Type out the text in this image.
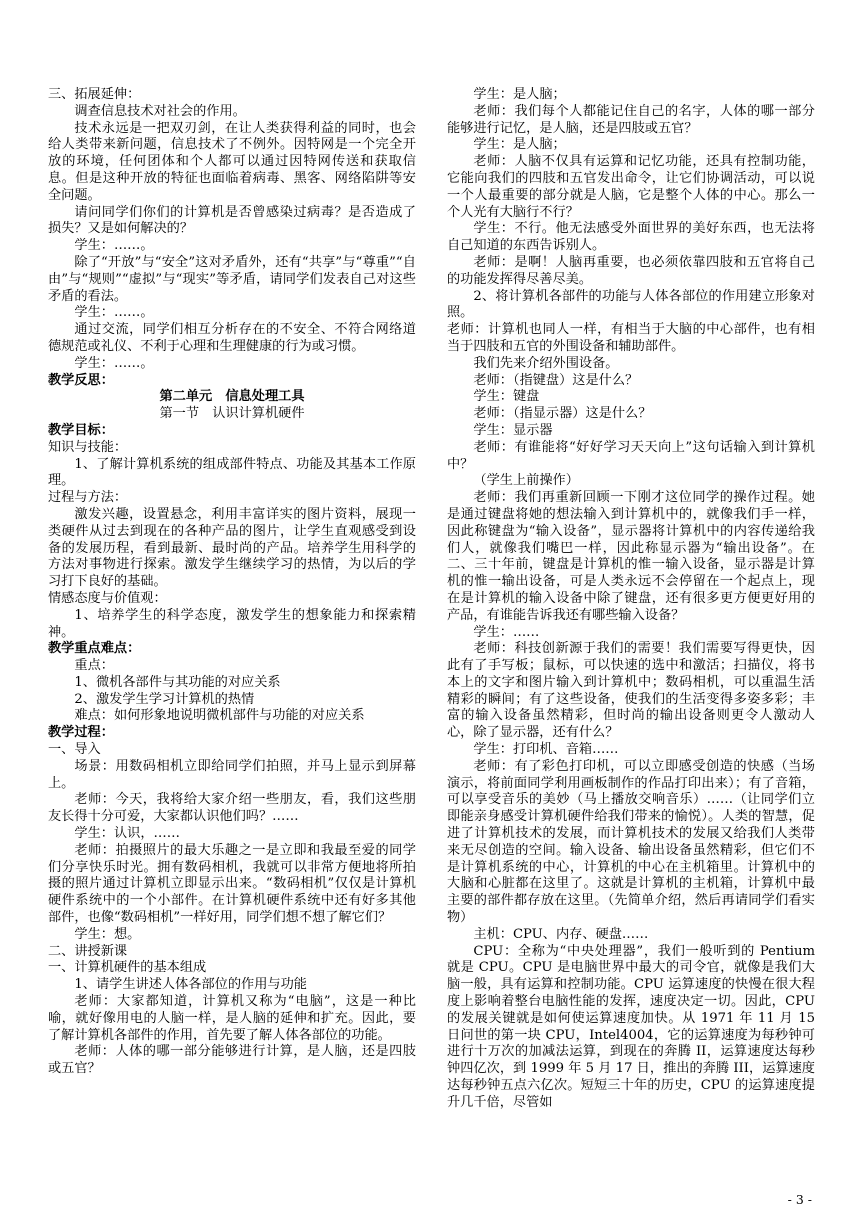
三、拓展延伸：

调查信息技术对社会的作用。

技术永远是一把双刃剑，在让人类获得利益的同时，也会给人类带来新问题，信息技术了不例外。因特网是一个完全开放的环境，任何团体和个人都可以通过因特网传送和获取信息。但是这种开放的特征也面临着病毒、黑客、网络陷阱等安全问题。

请问同学们你们的计算机是否曾感染过病毒？是否造成了损失？又是如何解决的？

学生：……。

除了“开放”与“安全”这对矛盾外，还有“共享”与“尊重”“自由”与“规则”“虚拟”与“现实”等矛盾，请同学们发表自己对这些矛盾的看法。

学生：……。

通过交流，同学们相互分析存在的不安全、不符合网络道德规范或礼仪、不利于心理和生理健康的行为或习惯。

学生：……。

教学反思：

第二单元　信息处理工具

第一节　认识计算机硬件

教学目标：

知识与技能：

1、了解计算机系统的组成部件特点、功能及其基本工作原理。

过程与方法：

激发兴趣，设置悬念，利用丰富详实的图片资料，展现一类硬件从过去到现在的各种产品的图片，让学生直观感受到设备的发展历程，看到最新、最时尚的产品。培养学生用科学的方法对事物进行探索。激发学生继续学习的热情，为以后的学习打下良好的基础。

情感态度与价值观：

1、培养学生的科学态度，激发学生的想象能力和探索精神。

教学重点难点：

重点：

1、微机各部件与其功能的对应关系

2、激发学生学习计算机的热情

难点：如何形象地说明微机部件与功能的对应关系

教学过程：

一、导入

场景：用数码相机立即给同学们拍照，并马上显示到屏幕上。

老师：今天，我将给大家介绍一些朋友，看，我们这些朋友长得十分可爱，大家都认识他们吗？……

学生：认识，……

老师：拍摄照片的最大乐趣之一是立即和我最至爱的同学们分享快乐时光。拥有数码相机，我就可以非常方便地将所拍摄的照片通过计算机立即显示出来。“数码相机”仅仅是计算机硬件系统中的一个小部件。在计算机硬件系统中还有好多其他部件，也像“数码相机”一样好用，同学们想不想了解它们？

学生：想。

二、讲授新课

一、计算机硬件的基本组成

1、请学生讲述人体各部位的作用与功能

老师：大家都知道，计算机又称为“电脑”，这是一种比喻，就好像用电的人脑一样，是人脑的延伸和扩充。因此，要了解计算机各部件的作用，首先要了解人体各部位的功能。

老师：人体的哪一部分能够进行计算，是人脑，还是四肢或五官？

学生：是人脑；

老师：我们每个人都能记住自己的名字，人体的哪一部分能够进行记忆，是人脑，还是四肢或五官？

学生：是人脑；

老师：人脑不仅具有运算和记忆功能，还具有控制功能，它能向我们的四肢和五官发出命令，让它们协调活动，可以说一个人最重要的部分就是人脑，它是整个人体的中心。那么一个人光有大脑行不行？

学生：不行。他无法感受外面世界的美好东西，也无法将自己知道的东西告诉别人。

老师：是啊！人脑再重要，也必须依靠四肢和五官将自己的功能发挥得尽善尽美。

2、将计算机各部件的功能与人体各部位的作用建立形象对照。

老师：计算机也同人一样，有相当于大脑的中心部件，也有相当于四肢和五官的外围设备和辅助部件。

我们先来介绍外围设备。

老师：（指键盘）这是什么？

学生：键盘

老师：（指显示器）这是什么？

学生：显示器

老师：有谁能将“好好学习天天向上”这句话输入到计算机中？

（学生上前操作）

老师：我们再重新回顾一下刚才这位同学的操作过程。她是通过键盘将她的想法输入到计算机中的，就像我们手一样，因此称键盘为“输入设备”，显示器将计算机中的内容传递给我们人，就像我们嘴巴一样，因此称显示器为“输出设备”。在二、三十年前，键盘是计算机的惟一输入设备，显示器是计算机的惟一输出设备，可是人类永远不会停留在一个起点上，现在是计算机的输入设备中除了键盘，还有很多更方便更好用的产品，有谁能告诉我还有哪些输入设备？

学生：……

老师：科技创新源于我们的需要！我们需要写得更快，因此有了手写板；鼠标，可以快速的选中和激活；扫描仪，将书本上的文字和图片输入到计算机中；数码相机，可以重温生活精彩的瞬间；有了这些设备，使我们的生活变得多姿多彩；丰富的输入设备虽然精彩，但时尚的输出设备则更令人激动人心，除了显示器，还有什么？

学生：打印机、音箱……

老师：有了彩色打印机，可以立即感受创造的快感（当场演示，将前面同学利用画板制作的作品打印出来）；有了音箱，可以享受音乐的美妙（马上播放交响音乐）……（让同学们立即能亲身感受计算机硬件给我们带来的愉悦）。人类的智慧，促进了计算机技术的发展，而计算机技术的发展又给我们人类带来无尽创造的空间。输入设备、输出设备虽然精彩，但它们不是计算机系统的中心，计算机的中心在主机箱里。计算机中的大脑和心脏都在这里了。这就是计算机的主机箱，计算机中最主要的部件都存放在这里。（先简单介绍，然后再请同学们看实物）

主机：CPU、内存、硬盘……

CPU：全称为“中央处理器”，我们一般听到的 Pentium 就是 CPU。CPU 是电脑世界中最大的司令官，就像是我们大脑一般，具有运算和控制功能。CPU 运算速度的快慢在很大程度上影响着整台电脑性能的发挥，速度决定一切。因此，CPU 的发展关键就是如何使运算速度加快。从 1971 年 11 月 15 日问世的第一块 CPU，Intel4004，它的运算速度为每秒钟可进行十万次的加减法运算，到现在的奔腾 II，运算速度达每秒钟四亿次，到 1999 年 5 月 17 日，推出的奔腾 III，运算速度达每秒钟五点六亿次。短短三十年的历史，CPU 的运算速度提升几千倍，尽管如

- 3 -
